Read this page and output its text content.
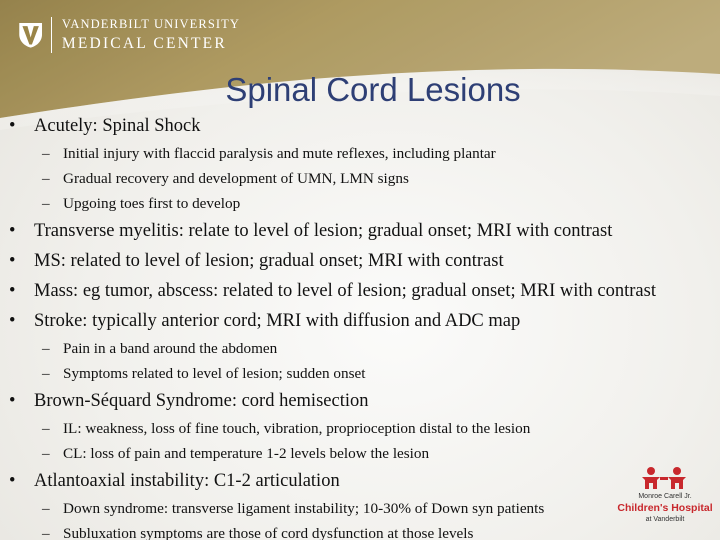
VANDERBILT UNIVERSITY
MEDICAL CENTER
Spinal Cord Lesions
• Acutely: Spinal Shock
– Initial injury with flaccid paralysis and mute reflexes, including plantar
– Gradual recovery and development of UMN, LMN signs
– Upgoing toes first to develop
• Transverse myelitis: relate to level of lesion; gradual onset; MRI with contrast
• MS: related to level of lesion; gradual onset; MRI with contrast
• Mass: eg tumor, abscess: related to level of lesion; gradual onset; MRI with contrast
• Stroke: typically anterior cord; MRI with diffusion and ADC map
– Pain in a band around the abdomen
– Symptoms related to level of lesion; sudden onset
• Brown-Séquard Syndrome: cord hemisection
– IL: weakness, loss of fine touch, vibration, proprioception distal to the lesion
– CL: loss of pain and temperature 1-2 levels below the lesion
• Atlantoaxial instability: C1-2 articulation
– Down syndrome: transverse ligament instability; 10-30% of Down syn patients
– Subluxation symptoms are those of cord dysfunction at those levels
Monroe Carell Jr.
Children's Hospital
at Vanderbilt
